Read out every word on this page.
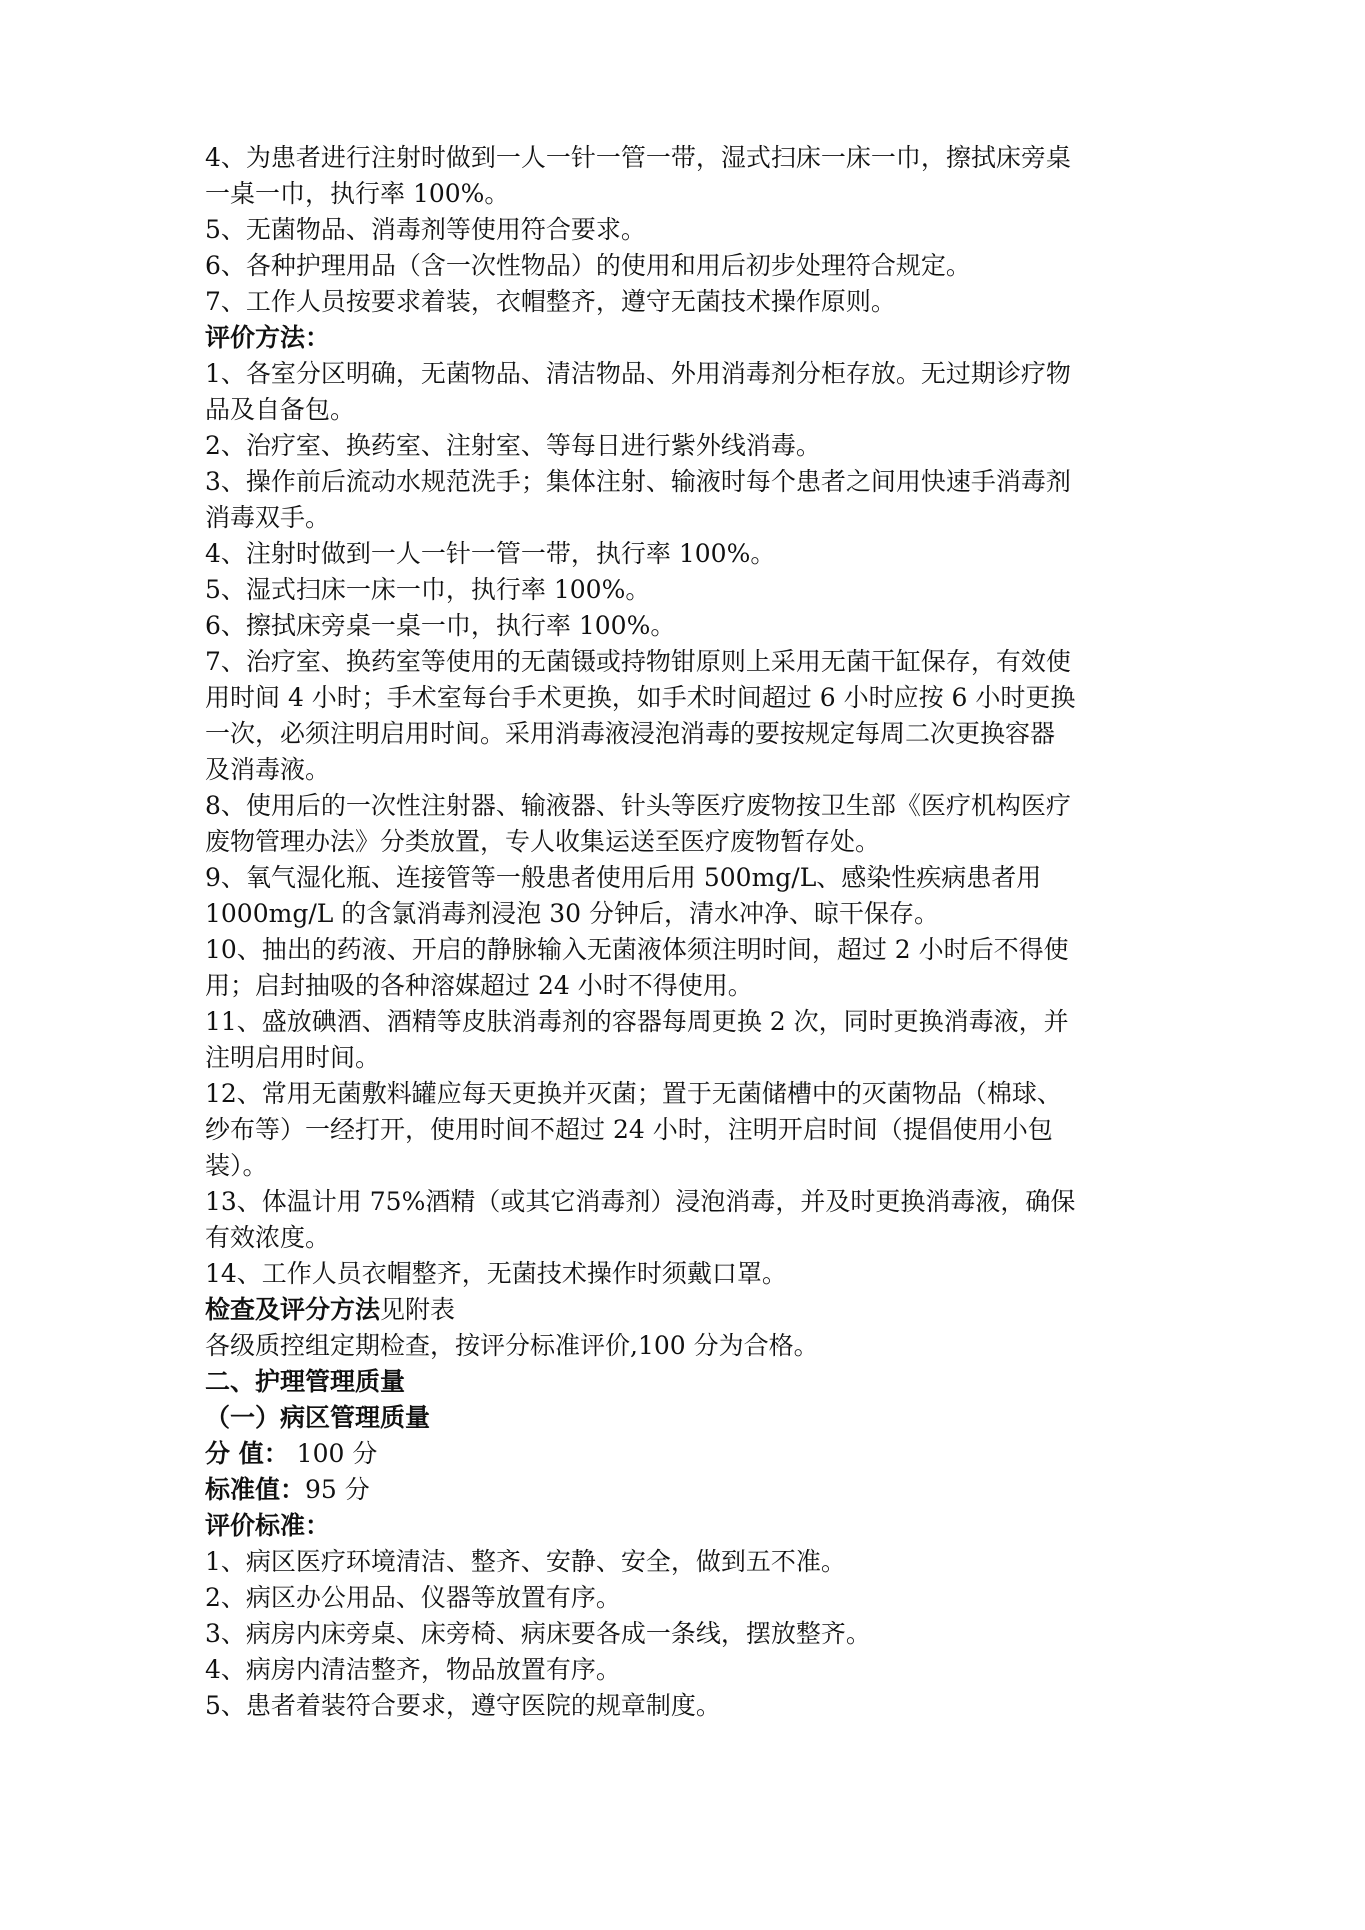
4、为患者进行注射时做到一人一针一管一带，湿式扫床一床一巾，擦拭床旁桌

一桌一巾，执行率 100%。

5、无菌物品、消毒剂等使用符合要求。

6、各种护理用品（含一次性物品）的使用和用后初步处理符合规定。

7、工作人员按要求着装，衣帽整齐，遵守无菌技术操作原则。

评价方法：

1、各室分区明确，无菌物品、清洁物品、外用消毒剂分柜存放。无过期诊疗物

品及自备包。

2、治疗室、换药室、注射室、等每日进行紫外线消毒。

3、操作前后流动水规范洗手；集体注射、输液时每个患者之间用快速手消毒剂

消毒双手。

4、注射时做到一人一针一管一带，执行率 100%。

5、湿式扫床一床一巾，执行率 100%。

6、擦拭床旁桌一桌一巾，执行率 100%。

7、治疗室、换药室等使用的无菌镊或持物钳原则上采用无菌干缸保存，有效使

用时间 4 小时；手术室每台手术更换，如手术时间超过 6 小时应按 6 小时更换

一次，必须注明启用时间。采用消毒液浸泡消毒的要按规定每周二次更换容器

及消毒液。

8、使用后的一次性注射器、输液器、针头等医疗废物按卫生部《医疗机构医疗

废物管理办法》分类放置，专人收集运送至医疗废物暂存处。

9、氧气湿化瓶、连接管等一般患者使用后用 500mg/L、感染性疾病患者用

1000mg/L 的含氯消毒剂浸泡 30 分钟后，清水冲净、晾干保存。

10、抽出的药液、开启的静脉输入无菌液体须注明时间，超过 2 小时后不得使

用；启封抽吸的各种溶媒超过 24 小时不得使用。

11、盛放碘酒、酒精等皮肤消毒剂的容器每周更换 2 次，同时更换消毒液，并

注明启用时间。

12、常用无菌敷料罐应每天更换并灭菌；置于无菌储槽中的灭菌物品（棉球、

纱布等）一经打开，使用时间不超过 24 小时，注明开启时间（提倡使用小包

装）。

13、体温计用 75%酒精（或其它消毒剂）浸泡消毒，并及时更换消毒液，确保

有效浓度。

14、工作人员衣帽整齐，无菌技术操作时须戴口罩。

检查及评分方法见附表

各级质控组定期检查，按评分标准评价,100 分为合格。

二、护理管理质量

（一）病区管理质量

分 值： 100 分

标准值：95 分

评价标准：

1、病区医疗环境清洁、整齐、安静、安全，做到五不准。

2、病区办公用品、仪器等放置有序。

3、病房内床旁桌、床旁椅、病床要各成一条线，摆放整齐。

4、病房内清洁整齐，物品放置有序。

5、患者着装符合要求，遵守医院的规章制度。
